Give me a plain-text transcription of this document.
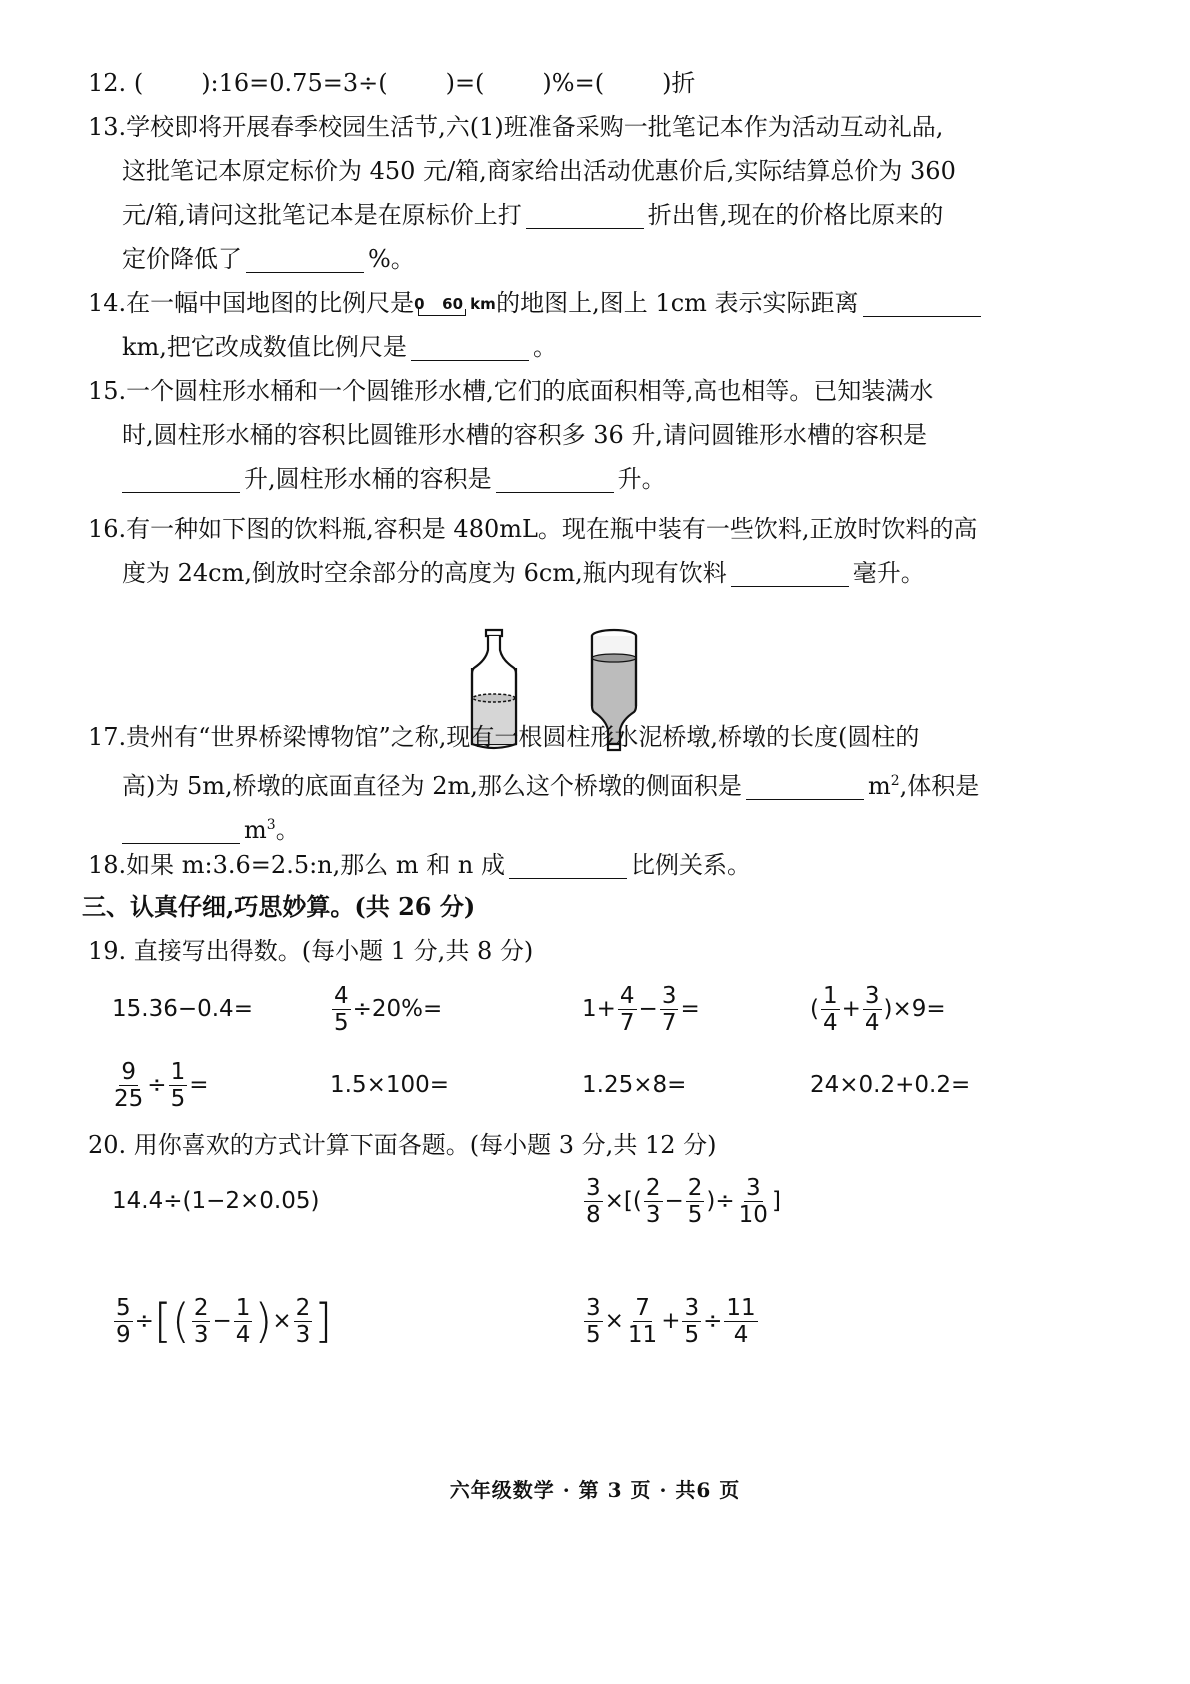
12. ( ):16=0.75=3÷( )=( )%=( )折
13.学校即将开展春季校园生活节,六(1)班准备采购一批笔记本作为活动互动礼品,
这批笔记本原定标价为 450 元/箱,商家给出活动优惠价后,实际结算总价为 360
元/箱,请问这批笔记本是在原标价上打	折出售,现在的价格比原来的
定价降低了	%。
14.在一幅中国地图的比例尺是 0 60 km 的地图上,图上 1cm 表示实际距离
km,把它改成数值比例尺是	。
15.一个圆柱形水桶和一个圆锥形水槽,它们的底面积相等,高也相等。已知装满水
时,圆柱形水桶的容积比圆锥形水槽的容积多 36 升,请问圆锥形水槽的容积是
升,圆柱形水桶的容积是	升。
16.有一种如下图的饮料瓶,容积是 480mL。现在瓶中装有一些饮料,正放时饮料的高
度为 24cm,倒放时空余部分的高度为 6cm,瓶内现有饮料	毫升。
17.贵州有“世界桥梁博物馆”之称,现有一根圆柱形水泥桥墩,桥墩的长度(圆柱的
高)为 5m,桥墩的底面直径为 2m,那么这个桥墩的侧面积是	$m^2$,体积是
$m^3$。
18.如果 m:3.6=2.5:n,那么 m 和 n 成	比例关系。
三、认真仔细,巧思妙算。(共 26 分)
19. 直接写出得数。(每小题 1 分,共 8 分)
15.36−0.4=	$\frac{4}{5} \div 20\%=$	$1+ \frac{4}{7} - \frac{3}{7}$ =	( $\frac{1}{4} + \frac{3}{4} )\times 9=$
$\frac{9}{25} \div \frac{1}{5}$ =	1.5×100=	1.25×8=	24×0.2+0.2=
20. 用你喜欢的方式计算下面各题。(每小题 3 分,共 12 分)
14.4÷(1−2×0.05)	$\frac{3}{8}$ ×[( $\frac{2}{3} - \frac{2}{5}$ )÷ $\frac{3}{10}$ ]
$\frac{5}{9}$ ÷ [ ( $\frac{2}{3} - \frac{1}{4}$ ) × $\frac{2}{3}$ ]	$\frac{3}{5} \times \frac{7}{11} + \frac{3}{5} \div \frac{11}{4}$
六年级数学 · 第 3 页 · 共6 页
